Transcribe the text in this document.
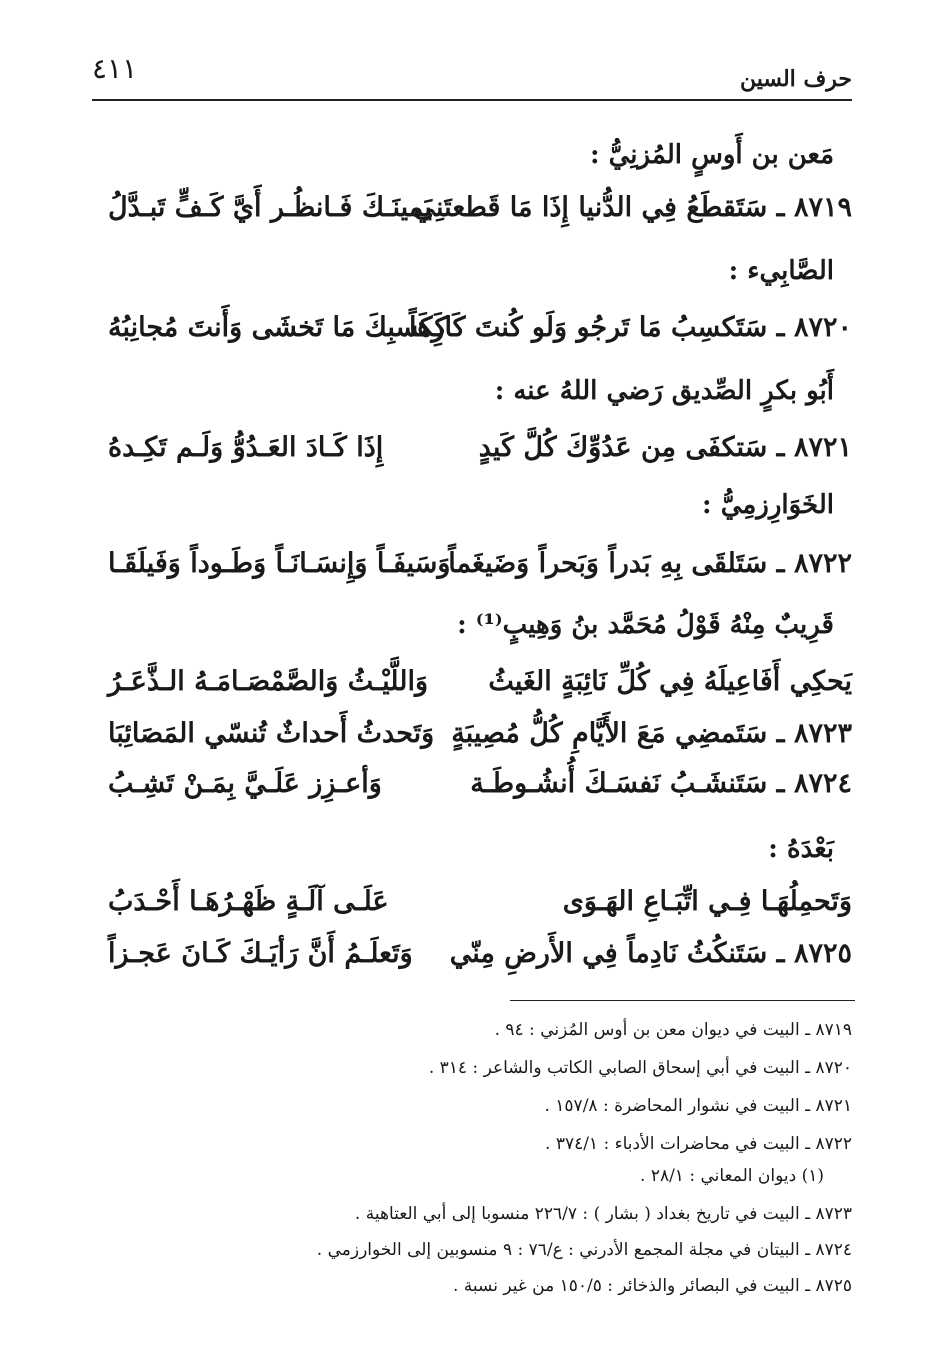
٤١١	حرف السين
مَعن بن أَوسٍ المُزنِيُّ :
٨٧١٩ ـ سَتَقطَعُ فِي الدُّنيا إِذَا مَا قَطعتَنِي
يَمينَـكَ فَـانظُـر أَيَّ كَـفٍّ تَبـدَّلُ
الصَّابِيء :
٨٧٢٠ ـ سَتَكسِبُ مَا تَرجُو وَلَو كُنتَ كَارِهاً
كَكَسبِكَ مَا تَخشَى وَأَنتَ مُجانِبُهُ
أَبُو بكرٍ الصِّديق رَضي اللهُ عنه :
٨٧٢١ ـ سَتكفَى مِن عَدُوِّكَ كُلَّ كَيدٍ
إِذَا كَـادَ العَـدُوُّ وَلَـم تَكِـدهُ
الخَوَارِزمِيُّ :
٨٧٢٢ ـ سَتَلقَى بِهِ بَدراً وَبَحراً وَضَيغَماً
وَسَيفَـاً وَإِنسَـانَـاً وَطَـوداً وَفَيلَقَـا
قَرِيبٌ مِنْهُ قَوْلُ مُحَمَّد بنُ وَهِيبٍ⁽¹⁾ :
يَحكِي أَفَاعِيلَهُ فِي كُلِّ نَائِبَةٍ الغَيثُ
وَاللَّيْـثُ وَالصَّمْصَـامَـهُ الـذَّعَـرُ
٨٧٢٣ ـ سَتَمضِي مَعَ الأَيَّامِ كُلُّ مُصِيبَةٍ
وَتَحدثُ أَحداثٌ تُنسّي المَصَائِبَا
٨٧٢٤ ـ سَتَنشَـبُ نَفسَـكَ أُنشُـوطَـة
وَأعـزِز عَلَـيَّ بِمَـنْ تَشِـبُ
بَعْدَهُ :
وَتَحمِلُهَـا فِـي اتِّبَـاعِ الهَـوَى
عَلَـى آلَـةٍ ظَهْـرُهَـا أَحْـدَبُ
٨٧٢٥ ـ سَتَنكُثُ نَادِماً فِي الأَرضِ مِنّي
وَتَعلَـمُ أَنَّ رَأيَـكَ كَـانَ عَجـزاً
٨٧١٩ ـ البيت في ديوان معن بن أوس المُزني : ٩٤ .
٨٧٢٠ ـ البيت في أبي إسحاق الصابي الكاتب والشاعر : ٣١٤ .
٨٧٢١ ـ البيت في نشوار المحاضرة : ١٥٧/٨ .
٨٧٢٢ ـ البيت في محاضرات الأدباء : ٣٧٤/١ .
(١) ديوان المعاني : ٢٨/١ .
٨٧٢٣ ـ البيت في تاريخ بغداد ( بشار ) : ٢٢٦/٧ منسوبا إلى أبي العتاهية .
٨٧٢٤ ـ البيتان في مجلة المجمع الأدرني : ع/٧٦ : ٩ منسوبين إلى الخوارزمي .
٨٧٢٥ ـ البيت في البصائر والذخائر : ١٥٠/٥ من غير نسبة .
